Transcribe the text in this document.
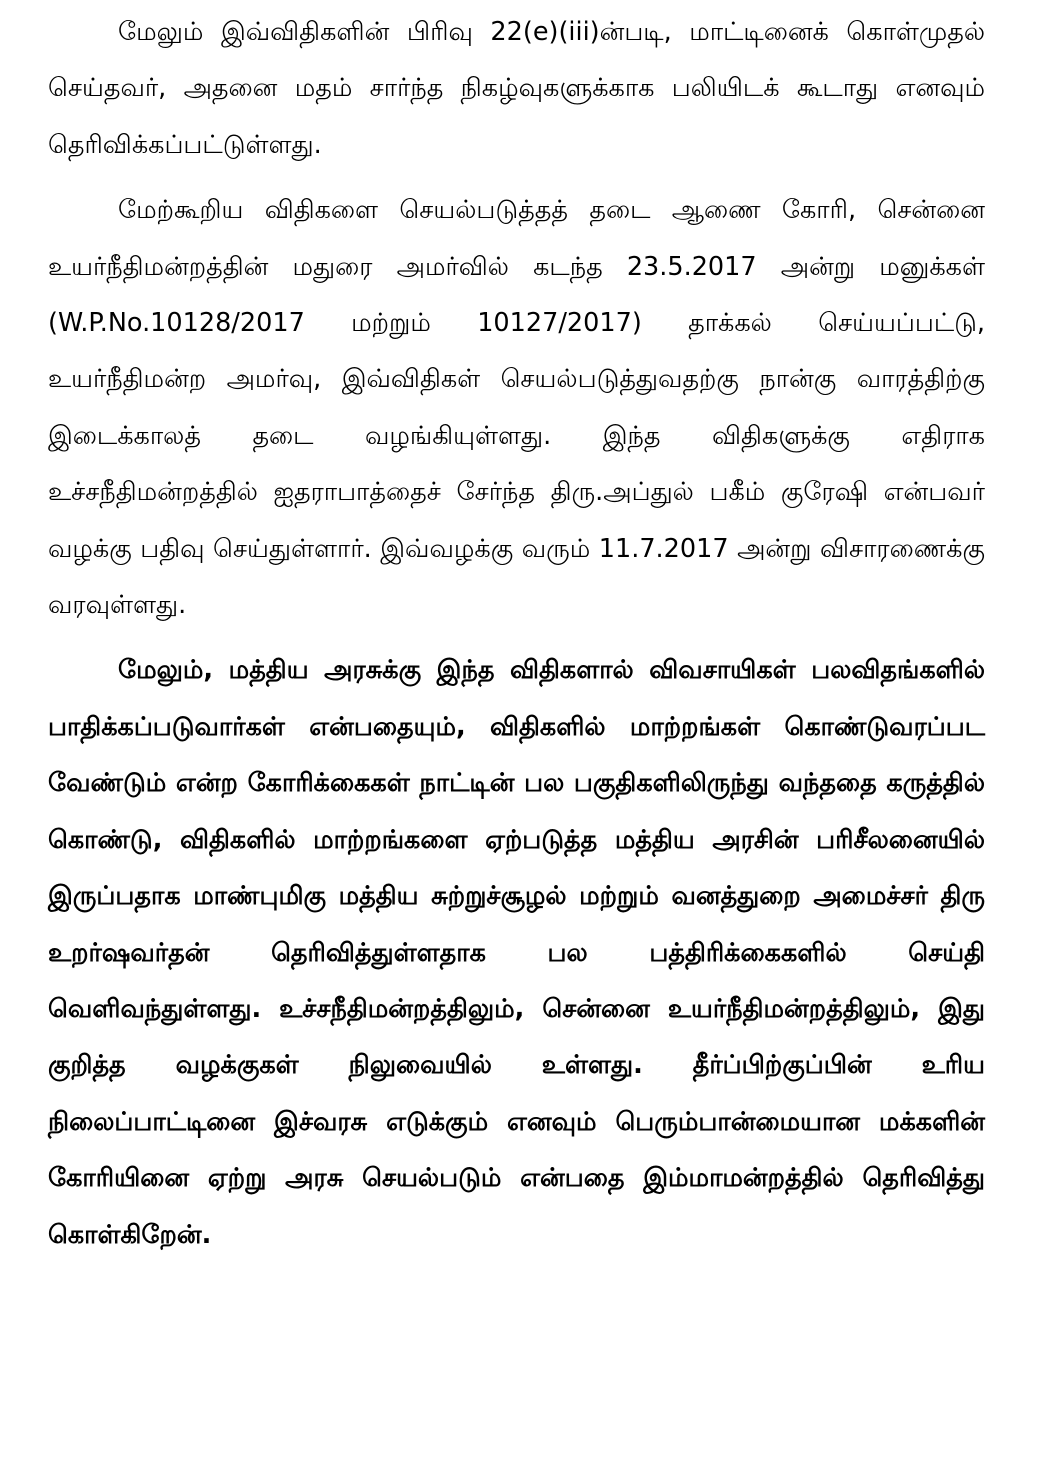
மேலும் இவ்விதிகளின் பிரிவு 22(e)(iii)ன்படி, மாட்டினைக் கொள்முதல் செய்தவர், அதனை மதம் சார்ந்த நிகழ்வுகளுக்காக பலியிடக் கூடாது எனவும் தெரிவிக்கப்பட்டுள்ளது.

மேற்கூறிய விதிகளை செயல்படுத்தத் தடை ஆணை கோரி, சென்னை உயர்நீதிமன்றத்தின் மதுரை அமர்வில் கடந்த 23.5.2017 அன்று மனுக்கள் (W.P.No.10128/2017 மற்றும் 10127/2017) தாக்கல் செய்யப்பட்டு, உயர்நீதிமன்ற அமர்வு, இவ்விதிகள் செயல்படுத்துவதற்கு நான்கு வாரத்திற்கு இடைக்காலத் தடை வழங்கியுள்ளது. இந்த விதிகளுக்கு எதிராக உச்சநீதிமன்றத்தில் ஐதராபாத்தைச் சேர்ந்த திரு.அப்துல் பகீம் குரேஷி என்பவர் வழக்கு பதிவு செய்துள்ளார். இவ்வழக்கு வரும் 11.7.2017 அன்று விசாரணைக்கு வரவுள்ளது.

மேலும், மத்திய அரசுக்கு இந்த விதிகளால் விவசாயிகள் பலவிதங்களில் பாதிக்கப்படுவார்கள் என்பதையும், விதிகளில் மாற்றங்கள் கொண்டுவரப்பட வேண்டும் என்ற கோரிக்கைகள் நாட்டின் பல பகுதிகளிலிருந்து வந்ததை கருத்தில் கொண்டு, விதிகளில் மாற்றங்களை ஏற்படுத்த மத்திய அரசின் பரிசீலனையில் இருப்பதாக மாண்புமிகு மத்திய சுற்றுச்சூழல் மற்றும் வனத்துறை அமைச்சர் திரு உறர்ஷவர்தன் தெரிவித்துள்ளதாக பல பத்திரிக்கைகளில் செய்தி வெளிவந்துள்ளது. உச்சநீதிமன்றத்திலும், சென்னை உயர்நீதிமன்றத்திலும், இது குறித்த வழக்குகள் நிலுவையில் உள்ளது. தீர்ப்பிற்குப்பின் உரிய நிலைப்பாட்டினை இச்வரசு எடுக்கும் எனவும் பெரும்பான்மையான மக்களின் கோரியினை ஏற்று அரசு செயல்படும் என்பதை இம்மாமன்றத்தில் தெரிவித்து கொள்கிறேன்.
